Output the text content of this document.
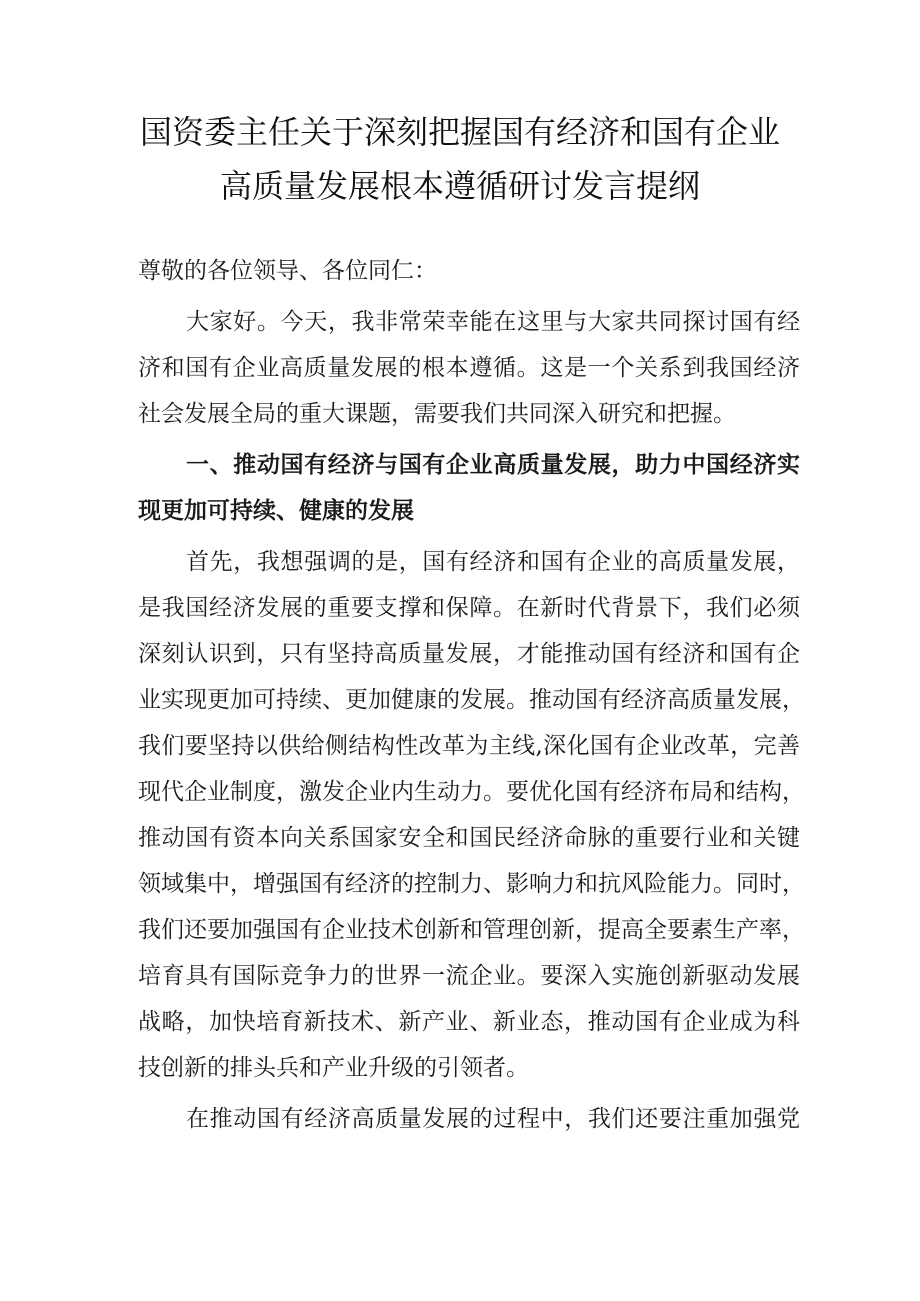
国资委主任关于深刻把握国有经济和国有企业
高质量发展根本遵循研讨发言提纲
尊敬的各位领导、各位同仁：
大家好。今天，我非常荣幸能在这里与大家共同探讨国有经
济和国有企业高质量发展的根本遵循。这是一个关系到我国经济
社会发展全局的重大课题，需要我们共同深入研究和把握。
一、推动国有经济与国有企业高质量发展，助力中国经济实
现更加可持续、健康的发展
首先，我想强调的是，国有经济和国有企业的高质量发展，
是我国经济发展的重要支撑和保障。在新时代背景下，我们必须
深刻认识到，只有坚持高质量发展，才能推动国有经济和国有企
业实现更加可持续、更加健康的发展。推动国有经济高质量发展，
我们要坚持以供给侧结构性改革为主线,深化国有企业改革，完善
现代企业制度，激发企业内生动力。要优化国有经济布局和结构，
推动国有资本向关系国家安全和国民经济命脉的重要行业和关键
领域集中，增强国有经济的控制力、影响力和抗风险能力。同时，
我们还要加强国有企业技术创新和管理创新，提高全要素生产率，
培育具有国际竞争力的世界一流企业。要深入实施创新驱动发展
战略，加快培育新技术、新产业、新业态，推动国有企业成为科
技创新的排头兵和产业升级的引领者。
在推动国有经济高质量发展的过程中，我们还要注重加强党
